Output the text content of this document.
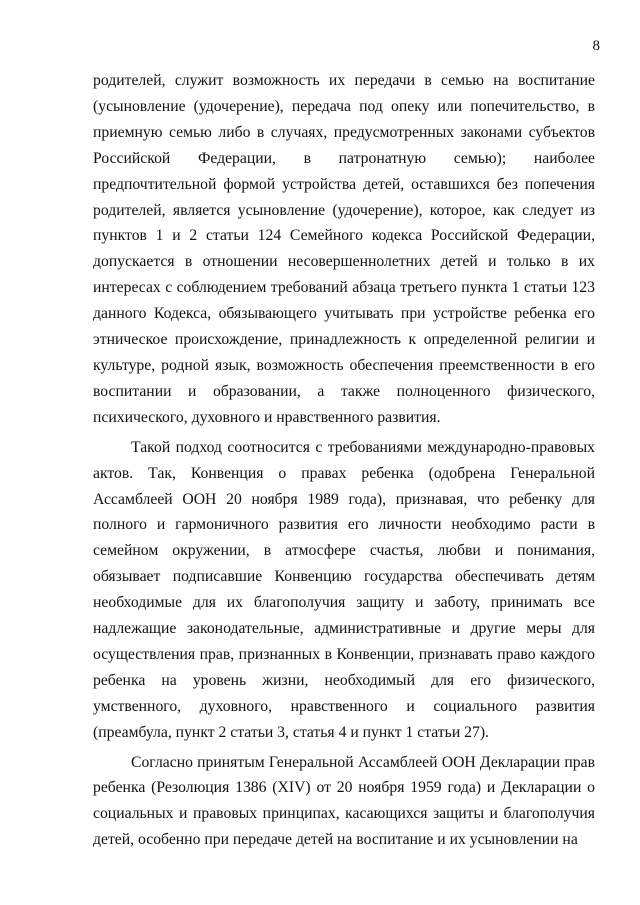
8

родителей, служит возможность их передачи в семью на воспитание (усыновление (удочерение), передача под опеку или попечительство, в приемную семью либо в случаях, предусмотренных законами субъектов Российской Федерации, в патронатную семью); наиболее предпочтительной формой устройства детей, оставшихся без попечения родителей, является усыновление (удочерение), которое, как следует из пунктов 1 и 2 статьи 124 Семейного кодекса Российской Федерации, допускается в отношении несовершеннолетних детей и только в их интересах с соблюдением требований абзаца третьего пункта 1 статьи 123 данного Кодекса, обязывающего учитывать при устройстве ребенка его этническое происхождение, принадлежность к определенной религии и культуре, родной язык, возможность обеспечения преемственности в его воспитании и образовании, а также полноценного физического, психического, духовного и нравственного развития.

Такой подход соотносится с требованиями международно-правовых актов. Так, Конвенция о правах ребенка (одобрена Генеральной Ассамблеей ООН 20 ноября 1989 года), признавая, что ребенку для полного и гармоничного развития его личности необходимо расти в семейном окружении, в атмосфере счастья, любви и понимания, обязывает подписавшие Конвенцию государства обеспечивать детям необходимые для их благополучия защиту и заботу, принимать все надлежащие законодательные, административные и другие меры для осуществления прав, признанных в Конвенции, признавать право каждого ребенка на уровень жизни, необходимый для его физического, умственного, духовного, нравственного и социального развития (преамбула, пункт 2 статьи 3, статья 4 и пункт 1 статьи 27).

Согласно принятым Генеральной Ассамблеей ООН Декларации прав ребенка (Резолюция 1386 (XIV) от 20 ноября 1959 года) и Декларации о социальных и правовых принципах, касающихся защиты и благополучия детей, особенно при передаче детей на воспитание и их усыновлении на
